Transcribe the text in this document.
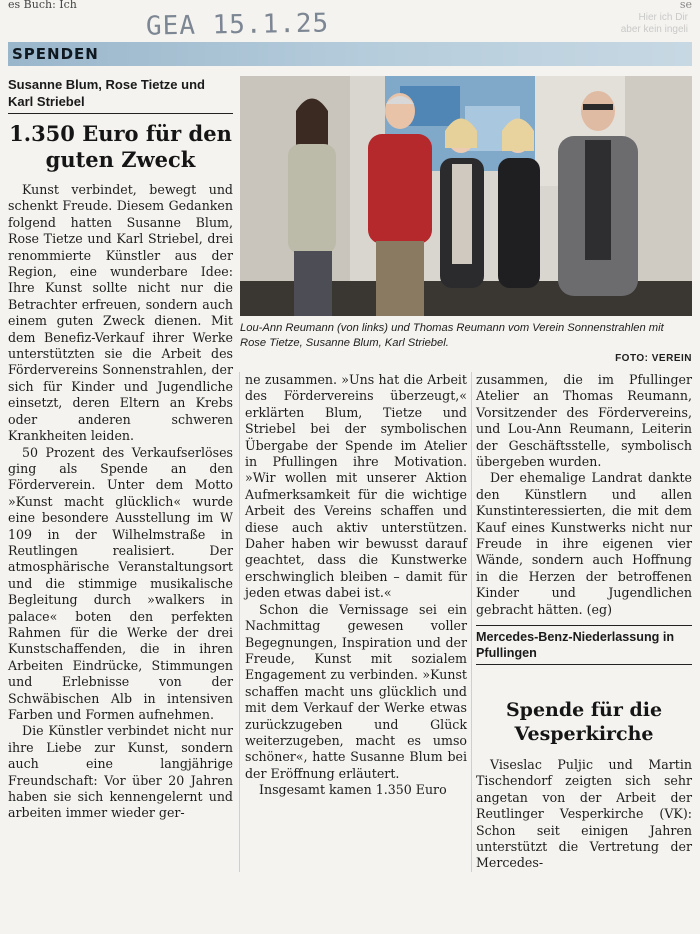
es Buch: Ich	se
GEA 15.1.25	Hier ich Dir
aber kein ingeli
SPENDEN
Susanne Blum, Rose Tietze und Karl Striebel
1.350 Euro für den guten Zweck
Lou-Ann Reumann (von links) und Thomas Reumann vom Verein Sonnenstrahlen mit Rose Tietze, Susanne Blum, Karl Striebel.
FOTO: VEREIN

Kunst verbindet, bewegt und schenkt Freude. Diesem Gedanken folgend hatten Susanne Blum, Rose Tietze und Karl Striebel, drei renommierte Künstler aus der Region, eine wunderbare Idee: Ihre Kunst sollte nicht nur die Betrachter erfreuen, sondern auch einem guten Zweck dienen. Mit dem Benefiz-Verkauf ihrer Werke unterstützten sie die Arbeit des Fördervereins Sonnenstrahlen, der sich für Kinder und Jugendliche einsetzt, deren Eltern an Krebs oder anderen schweren Krankheiten leiden.

50 Prozent des Verkaufserlöses ging als Spende an den Förderverein. Unter dem Motto »Kunst macht glücklich« wurde eine besondere Ausstellung im W 109 in der Wilhelmstraße in Reutlingen realisiert. Der atmosphärische Veranstaltungsort und die stimmige musikalische Begleitung durch »walkers in palace« boten den perfekten Rahmen für die Werke der drei Kunstschaffenden, die in ihren Arbeiten Eindrücke, Stimmungen und Erlebnisse von der Schwäbischen Alb in intensiven Farben und Formen aufnehmen.

Die Künstler verbindet nicht nur ihre Liebe zur Kunst, sondern auch eine langjährige Freundschaft: Vor über 20 Jahren haben sie sich kennengelernt und arbeiten immer wieder ger-

ne zusammen. »Uns hat die Arbeit des Fördervereins überzeugt,« erklärten Blum, Tietze und Striebel bei der symbolischen Übergabe der Spende im Atelier in Pfullingen ihre Motivation. »Wir wollen mit unserer Aktion Aufmerksamkeit für die wichtige Arbeit des Vereins schaffen und diese auch aktiv unterstützen. Daher haben wir bewusst darauf geachtet, dass die Kunstwerke erschwinglich bleiben – damit für jeden etwas dabei ist.«

Schon die Vernissage sei ein Nachmittag gewesen voller Begegnungen, Inspiration und der Freude, Kunst mit sozialem Engagement zu verbinden. »Kunst schaffen macht uns glücklich und mit dem Verkauf der Werke etwas zurückzugeben und Glück weiterzugeben, macht es umso schöner«, hatte Susanne Blum bei der Eröffnung erläutert.

Insgesamt kamen 1.350 Euro

zusammen, die im Pfullinger Atelier an Thomas Reumann, Vorsitzender des Fördervereins, und Lou-Ann Reumann, Leiterin der Geschäftsstelle, symbolisch übergeben wurden.

Der ehemalige Landrat dankte den Künstlern und allen Kunstinteressierten, die mit dem Kauf eines Kunstwerks nicht nur Freude in ihre eigenen vier Wände, sondern auch Hoffnung in die Herzen der betroffenen Kinder und Jugendlichen gebracht hätten. (eg)

Mercedes-Benz-Niederlassung in Pfullingen
Spende für die Vesperkirche

Viseslac Puljic und Martin Tischendorf zeigten sich sehr angetan von der Arbeit der Reutlinger Vesperkirche (VK): Schon seit einigen Jahren unterstützt die Vertretung der Mercedes-
